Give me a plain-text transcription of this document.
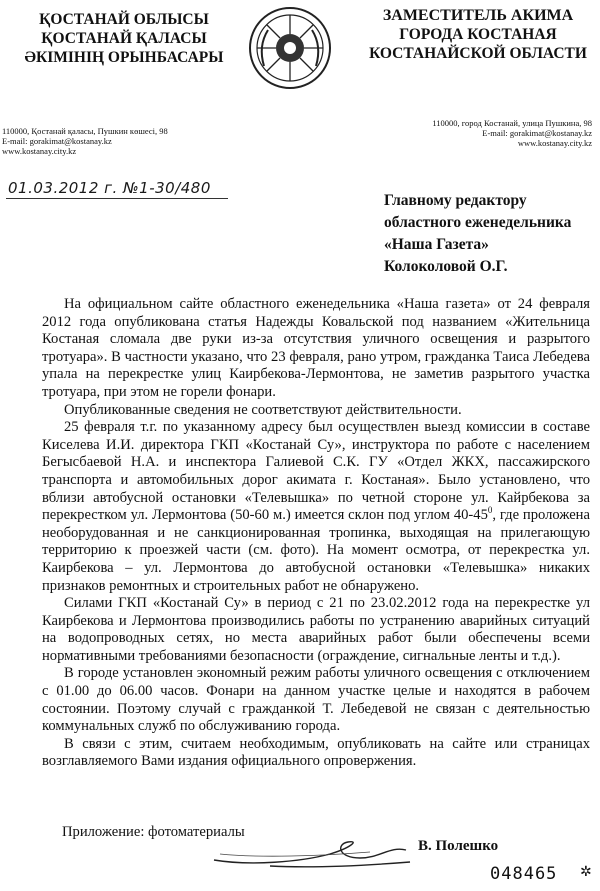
ҚОСТАНАЙ ОБЛЫСЫ
ҚОСТАНАЙ ҚАЛАСЫ
ӘКІМІНІҢ ОРЫНБАСАРЫ
ЗАМЕСТИТЕЛЬ АКИМА
ГОРОДА КОСТАНАЯ
КОСТАНАЙСКОЙ ОБЛАСТИ
110000, Қостанай қаласы, Пушкин көшесі, 98
E-mail: gorakimat@kostanay.kz
www.kostanay.city.kz
110000, город Костанай, улица Пушкина, 98
E-mail: gorakimat@kostanay.kz
www.kostanay.city.kz
01.03.2012 г. №1-30/480
Главному редактору
областного еженедельника
«Наша Газета»
Колоколовой О.Г.

На официальном сайте областного еженедельника «Наша газета» от 24 февраля 2012 года опубликована статья Надежды Ковальской под названием «Жительница Костаная сломала две руки из-за отсутствия уличного освещения и разрытого тротуара». В частности указано, что 23 февраля, рано утром, гражданка Таиса Лебедева упала на перекрестке улиц Каирбекова-Лермонтова, не заметив разрытого участка тротуара, при этом не горели фонари.

Опубликованные сведения не соответствуют действительности.

25 февраля т.г. по указанному адресу был осуществлен выезд комиссии в составе Киселева И.И. директора ГКП «Костанай Су», инструктора по работе с населением Бегысбаевой Н.А. и инспектора Галиевой С.К. ГУ «Отдел ЖКХ, пассажирского транспорта и автомобильных дорог акимата г. Костаная». Было установлено, что вблизи автобусной остановки «Телевышка» по четной стороне ул. Кайрбекова за перекрестком ул. Лермонтова (50-60 м.) имеется склон под углом $40-45^0$, где проложена необорудованная и не санкционированная тропинка, выходящая на прилегающую территорию к проезжей части (см. фото). На момент осмотра, от перекрестка ул. Каирбекова – ул. Лермонтова до автобусной остановки «Телевышка» никаких признаков ремонтных и строительных работ не обнаружено.

Силами ГКП «Костанай Су» в период с 21 по 23.02.2012 года на перекрестке ул Каирбекова и Лермонтова производились работы по устранению аварийных ситуаций на водопроводных сетях, но места аварийных работ были обеспечены всеми нормативными требованиями безопасности (ограждение, сигнальные ленты и т.д.).

В городе установлен экономный режим работы уличного освещения с отключением с 01.00 до 06.00 часов. Фонари на данном участке целые и находятся в рабочем состоянии. Поэтому случай с гражданкой Т. Лебедевой не связан с деятельностью коммунальных служб по обслуживанию города.

В связи с этим, считаем необходимым, опубликовать на сайте или страницах возглавляемого Вами издания официального опровержения.

Приложение: фотоматериалы
В. Полешко
048465 ✲
